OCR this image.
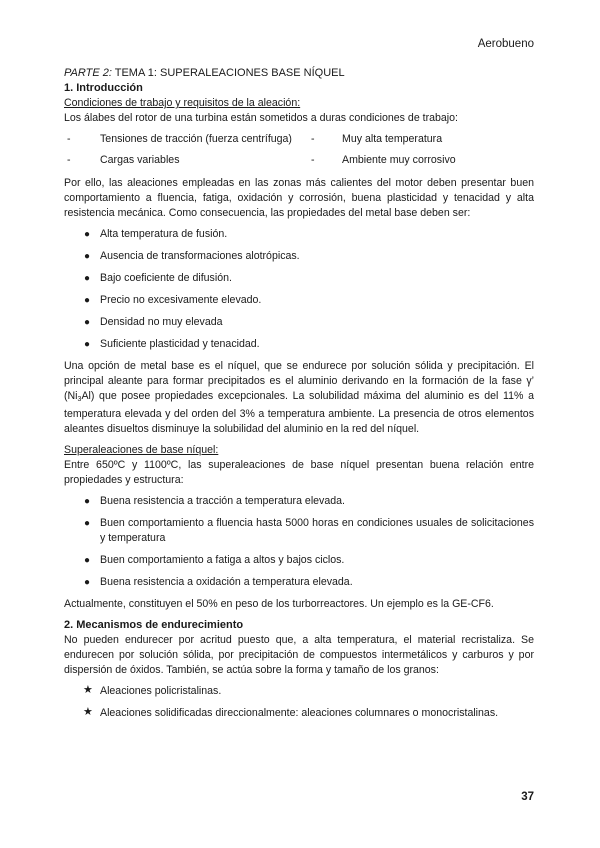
Aerobueno

PARTE 2: TEMA 1: SUPERALEACIONES BASE NÍQUEL

1. Introducción

Condiciones de trabajo y requisitos de la aleación:

Los álabes del rotor de una turbina están sometidos a duras condiciones de trabajo:

-	Tensiones de tracción (fuerza centrífuga)	-	Muy alta temperatura
-	Cargas variables	-	Ambiente muy corrosivo

Por ello, las aleaciones empleadas en las zonas más calientes del motor deben presentar buen comportamiento a fluencia, fatiga, oxidación y corrosión, buena plasticidad y tenacidad y alta resistencia mecánica. Como consecuencia, las propiedades del metal base deben ser:

● Alta temperatura de fusión.
● Ausencia de transformaciones alotrópicas.
● Bajo coeficiente de difusión.
● Precio no excesivamente elevado.
● Densidad no muy elevada
● Suficiente plasticidad y tenacidad.

Una opción de metal base es el níquel, que se endurece por solución sólida y precipitación. El principal aleante para formar precipitados es el aluminio derivando en la formación de la fase γ’ $(Ni_3Al)$ que posee propiedades excepcionales. La solubilidad máxima del aluminio es del 11% a temperatura elevada y del orden del 3% a temperatura ambiente. La presencia de otros elementos aleantes disueltos disminuye la solubilidad del aluminio en la red del níquel.

Superaleaciones de base níquel:

Entre 650ºC y 1100ºC, las superaleaciones de base níquel presentan buena relación entre propiedades y estructura:

● Buena resistencia a tracción a temperatura elevada.
● Buen comportamiento a fluencia hasta 5000 horas en condiciones usuales de solicitaciones y temperatura
● Buen comportamiento a fatiga a altos y bajos ciclos.
● Buena resistencia a oxidación a temperatura elevada.

Actualmente, constituyen el 50% en peso de los turborreactores. Un ejemplo es la GE-CF6.

2. Mecanismos de endurecimiento

No pueden endurecer por acritud puesto que, a alta temperatura, el material recristaliza. Se endurecen por solución sólida, por precipitación de compuestos intermetálicos y carburos y por dispersión de óxidos. También, se actúa sobre la forma y tamaño de los granos:

★ Aleaciones policristalinas.
★ Aleaciones solidificadas direccionalmente: aleaciones columnares o monocristalinas.
37
